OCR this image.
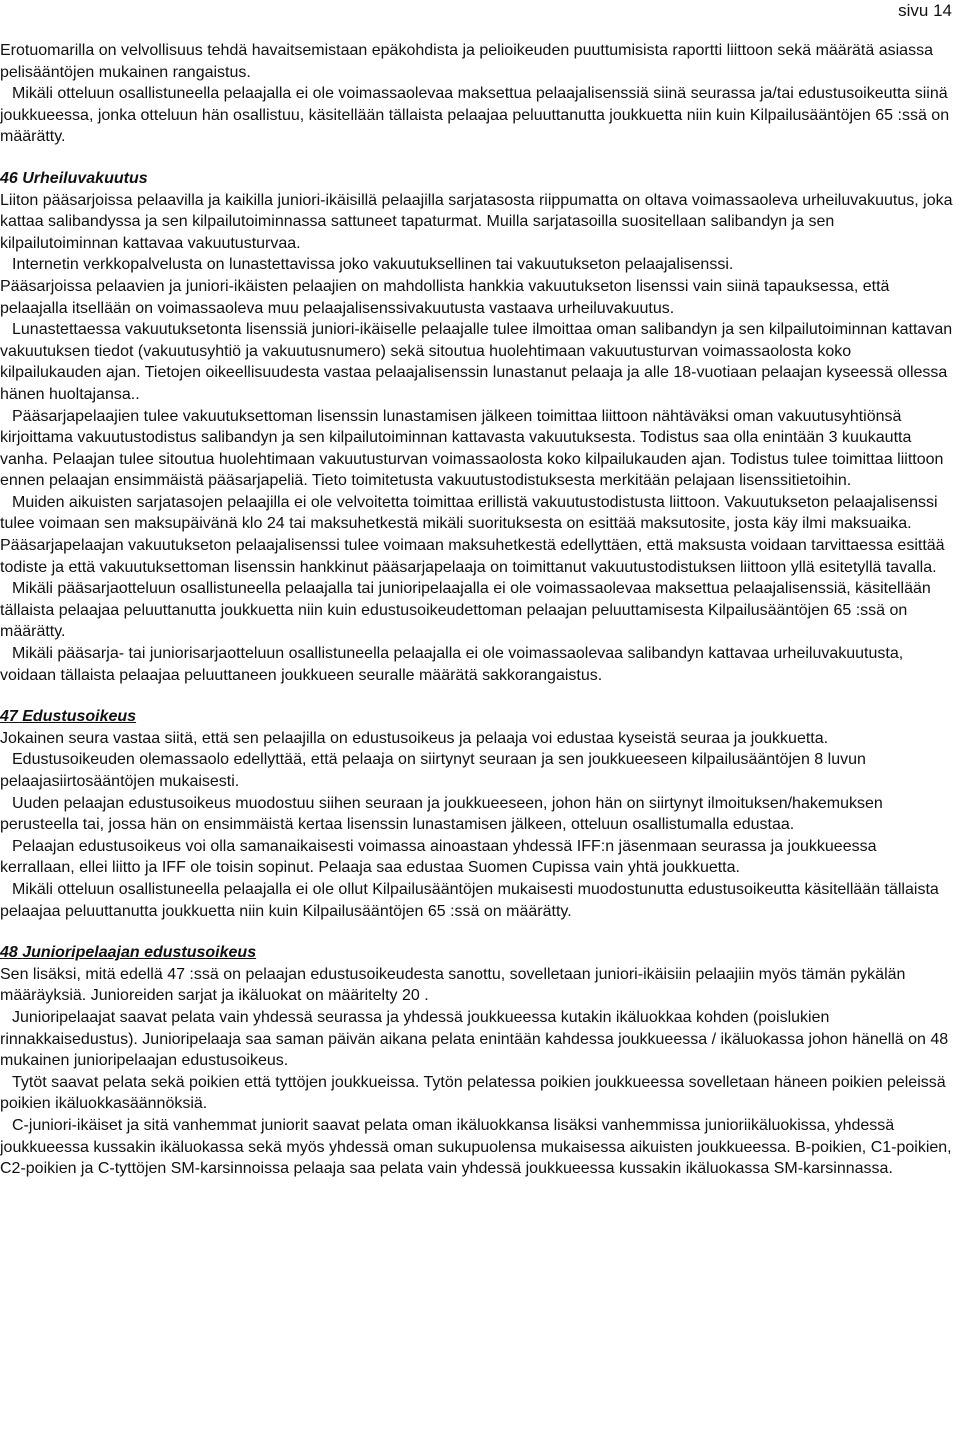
sivu 14

Erotuomarilla on velvollisuus tehdä havaitsemistaan epäkohdista ja pelioikeuden puuttumisista raportti liittoon sekä määrätä asiassa pelisääntöjen mukainen rangaistus.

Mikäli otteluun osallistuneella pelaajalla ei ole voimassaolevaa maksettua pelaajalisenssiä siinä seurassa ja/tai edustusoikeutta siinä joukkueessa, jonka otteluun hän osallistuu, käsitellään tällaista pelaajaa peluuttanutta joukkuetta niin kuin Kilpailusääntöjen 65 :ssä on määrätty.

46 Urheiluvakuutus

Liiton pääsarjoissa pelaavilla ja kaikilla juniori-ikäisillä pelaajilla sarjatasosta riippumatta on oltava voimassaoleva urheiluvakuutus, joka kattaa salibandyssa ja sen kilpailutoiminnassa sattuneet tapaturmat. Muilla sarjatasoilla suositellaan salibandyn ja sen kilpailutoiminnan kattavaa vakuutusturvaa.

Internetin verkkopalvelusta on lunastettavissa joko vakuutuksellinen tai vakuutukseton pelaajalisenssi.

Pääsarjoissa pelaavien ja juniori-ikäisten pelaajien on mahdollista hankkia vakuutukseton lisenssi vain siinä tapauksessa, että pelaajalla itsellään on voimassaoleva muu pelaajalisenssivakuutusta vastaava urheiluvakuutus.

Lunastettaessa vakuutuksetonta lisenssiä juniori-ikäiselle pelaajalle tulee ilmoittaa oman salibandyn ja sen kilpailutoiminnan kattavan vakuutuksen tiedot (vakuutusyhtiö ja vakuutusnumero) sekä sitoutua huolehtimaan vakuutusturvan voimassaolosta koko kilpailukauden ajan. Tietojen oikeellisuudesta vastaa pelaajalisenssin lunastanut pelaaja ja alle 18-vuotiaan pelaajan kyseessä ollessa hänen huoltajansa..

Pääsarjapelaajien tulee vakuutuksettoman lisenssin lunastamisen jälkeen toimittaa liittoon nähtäväksi oman vakuutusyhtiönsä kirjoittama vakuutustodistus salibandyn ja sen kilpailutoiminnan kattavasta vakuutuksesta. Todistus saa olla enintään 3 kuukautta vanha. Pelaajan tulee sitoutua huolehtimaan vakuutusturvan voimassaolosta koko kilpailukauden ajan. Todistus tulee toimittaa liittoon ennen pelaajan ensimmäistä pääsarjapeliä. Tieto toimitetusta vakuutustodistuksesta merkitään pelajaan lisenssitietoihin.

Muiden aikuisten sarjatasojen pelaajilla ei ole velvoitetta toimittaa erillistä vakuutustodistusta liittoon. Vakuutukseton pelaajalisenssi tulee voimaan sen maksupäivänä klo 24 tai maksuhetkestä mikäli suorituksesta on esittää maksutosite, josta käy ilmi maksuaika. Pääsarjapelaajan vakuutukseton pelaajalisenssi tulee voimaan maksuhetkestä edellyttäen, että maksusta voidaan tarvittaessa esittää todiste ja että vakuutuksettoman lisenssin hankkinut pääsarjapelaaja on toimittanut vakuutustodistuksen liittoon yllä esitetyllä tavalla.

Mikäli pääsarjaotteluun osallistuneella pelaajalla tai junioripelaajalla ei ole voimassaolevaa maksettua pelaajalisenssiä, käsitellään tällaista pelaajaa peluuttanutta joukkuetta niin kuin edustusoikeudettoman pelaajan peluuttamisesta Kilpailusääntöjen 65 :ssä on määrätty.

Mikäli pääsarja- tai juniorisarjaotteluun osallistuneella pelaajalla ei ole voimassaolevaa salibandyn kattavaa urheiluvakuutusta, voidaan tällaista pelaajaa peluuttaneen joukkueen seuralle määrätä sakkorangaistus.

47 Edustusoikeus

Jokainen seura vastaa siitä, että sen pelaajilla on edustusoikeus ja pelaaja voi edustaa kyseistä seuraa ja joukkuetta.

Edustusoikeuden olemassaolo edellyttää, että pelaaja on siirtynyt seuraan ja sen joukkueeseen kilpailusääntöjen 8 luvun pelaajasiirtosääntöjen mukaisesti.

Uuden pelaajan edustusoikeus muodostuu siihen seuraan ja joukkueeseen, johon hän on siirtynyt ilmoituksen/hakemuksen perusteella tai, jossa hän on ensimmäistä kertaa lisenssin lunastamisen jälkeen, otteluun osallistumalla edustaa.

Pelaajan edustusoikeus voi olla samanaikaisesti voimassa ainoastaan yhdessä IFF:n jäsenmaan seurassa ja joukkueessa kerrallaan, ellei liitto ja IFF ole toisin sopinut. Pelaaja saa edustaa Suomen Cupissa vain yhtä joukkuetta.

Mikäli otteluun osallistuneella pelaajalla ei ole ollut Kilpailusääntöjen mukaisesti muodostunutta edustusoikeutta käsitellään tällaista pelaajaa peluuttanutta joukkuetta niin kuin Kilpailusääntöjen 65 :ssä on määrätty.

48 Junioripelaajan edustusoikeus

Sen lisäksi, mitä edellä 47 :ssä on pelaajan edustusoikeudesta sanottu, sovelletaan juniori-ikäisiin pelaajiin myös tämän pykälän määräyksiä. Junioreiden sarjat ja ikäluokat on määritelty 20 .

Junioripelaajat saavat pelata vain yhdessä seurassa ja yhdessä joukkueessa kutakin ikäluokkaa kohden (poislukien rinnakkaisedustus). Junioripelaaja saa saman päivän aikana pelata enintään kahdessa joukkueessa / ikäluokassa johon hänellä on 48 mukainen junioripelaajan edustusoikeus.

Tytöt saavat pelata sekä poikien että tyttöjen joukkueissa. Tytön pelatessa poikien joukkueessa sovelletaan häneen poikien peleissä poikien ikäluokkasäännöksiä.

C-juniori-ikäiset ja sitä vanhemmat juniorit saavat pelata oman ikäluokkansa lisäksi vanhemmissa junioriikäluokissa, yhdessä joukkueessa kussakin ikäluokassa sekä myös yhdessä oman sukupuolensa mukaisessa aikuisten joukkueessa. B-poikien, C1-poikien, C2-poikien ja C-tyttöjen SM-karsinnoissa pelaaja saa pelata vain yhdessä joukkueessa kussakin ikäluokassa SM-karsinnassa.
